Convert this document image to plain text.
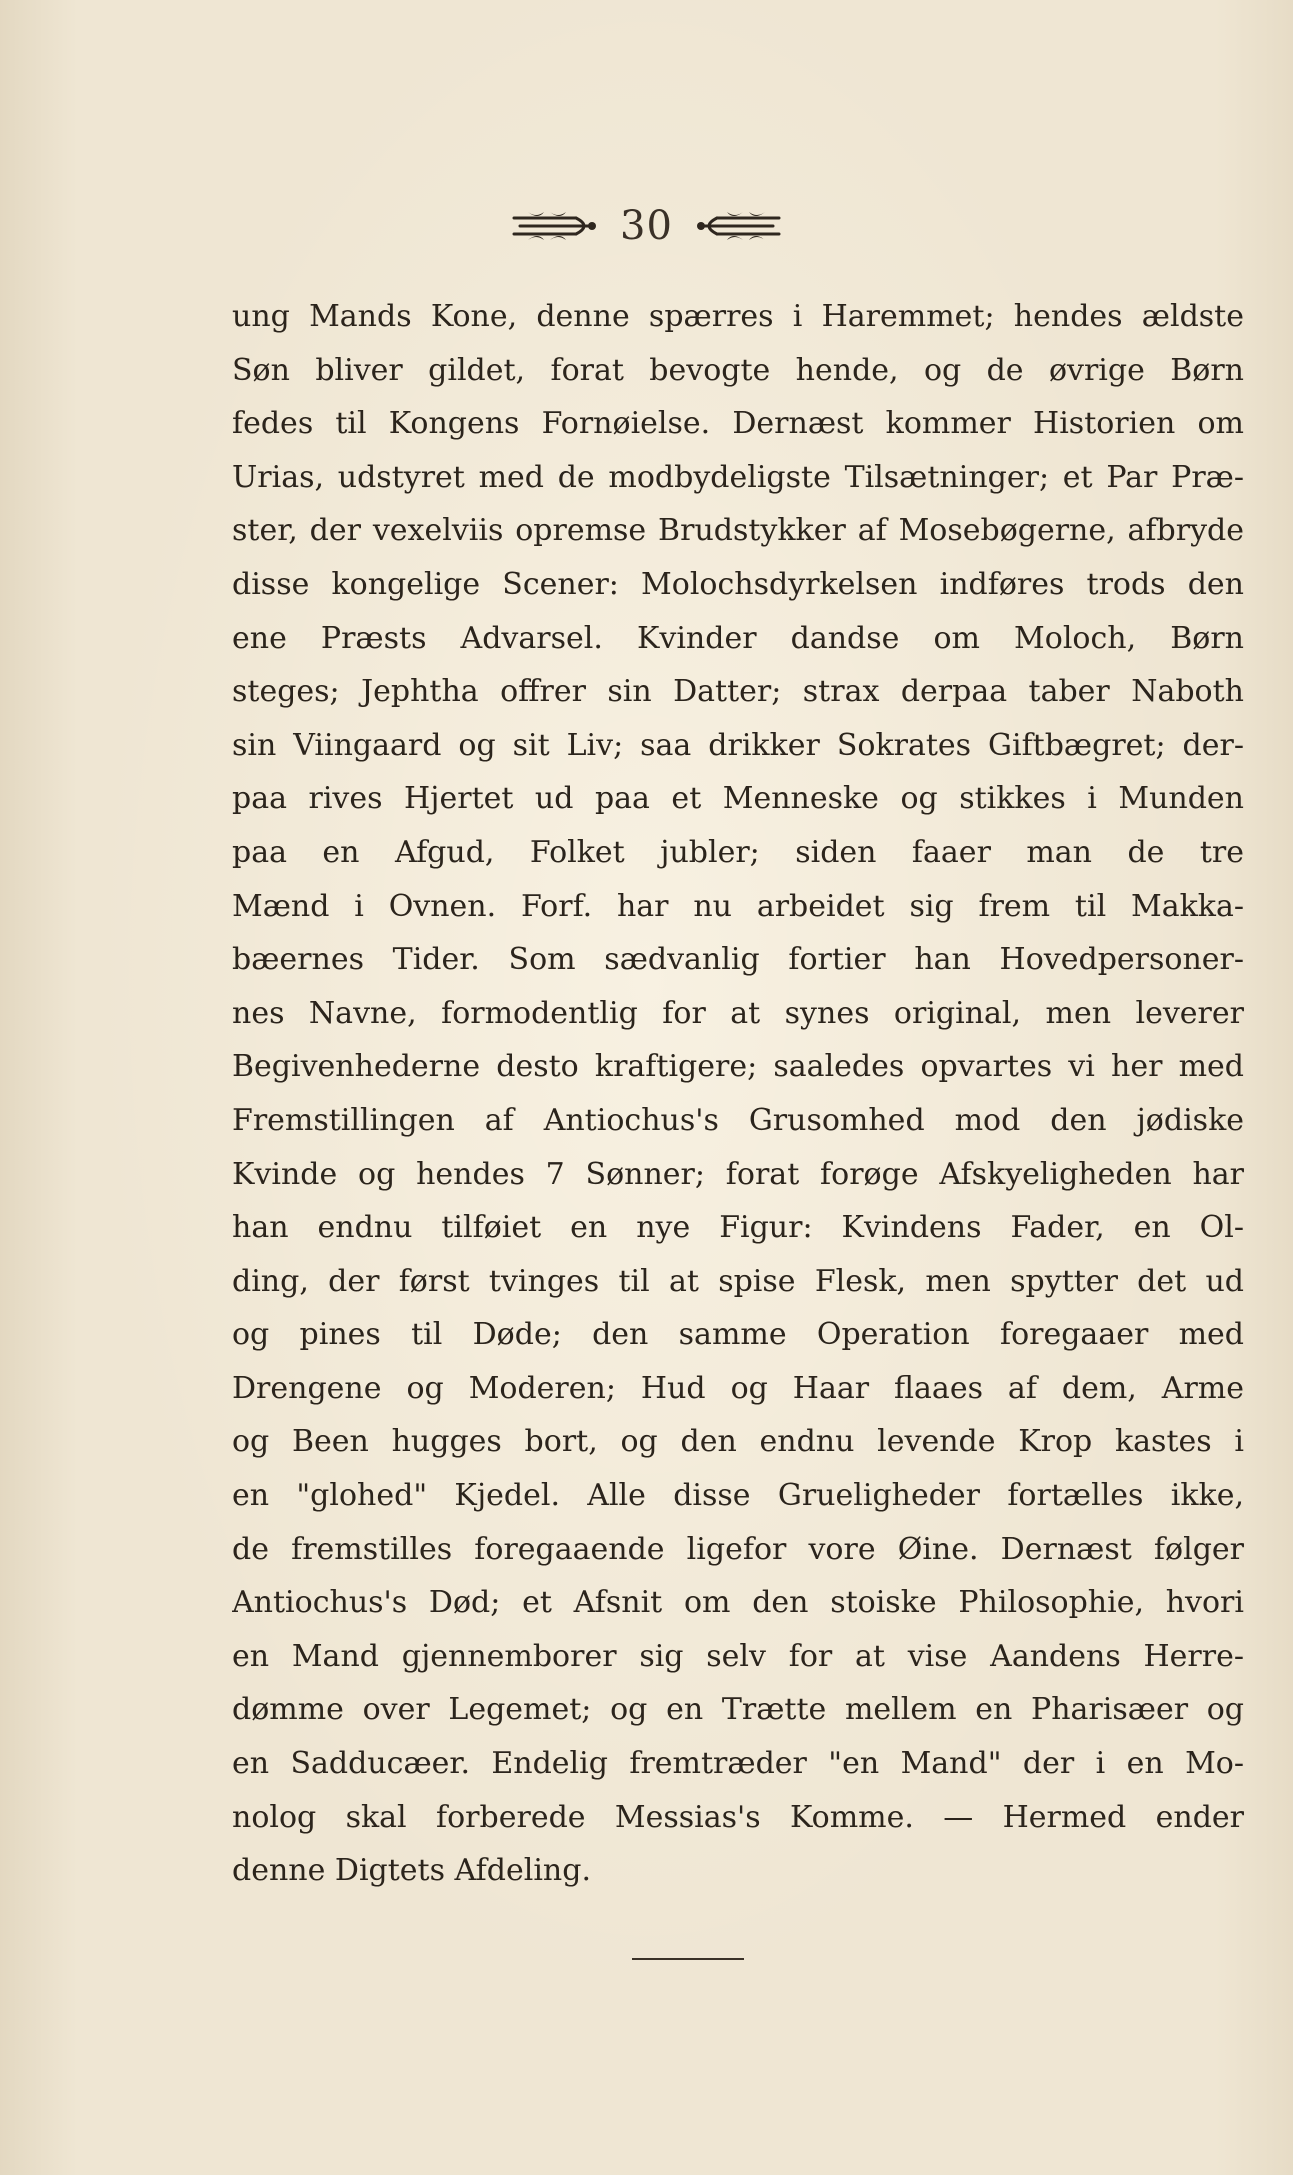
30
ung Mands Kone, denne spærres i Haremmet; hendes ældste
Søn bliver gildet, forat bevogte hende, og de øvrige Børn
fedes til Kongens Fornøielse. Dernæst kommer Historien om
Urias, udstyret med de modbydeligste Tilsætninger; et Par Præ-
ster, der vexelviis opremse Brudstykker af Mosebøgerne, afbryde
disse kongelige Scener: Molochsdyrkelsen indføres trods den
ene Præsts Advarsel. Kvinder dandse om Moloch, Børn
steges; Jephtha offrer sin Datter; strax derpaa taber Naboth
sin Viingaard og sit Liv; saa drikker Sokrates Giftbægret; der-
paa rives Hjertet ud paa et Menneske og stikkes i Munden
paa en Afgud, Folket jubler; siden faaer man de tre
Mænd i Ovnen. Forf. har nu arbeidet sig frem til Makka-
bæernes Tider. Som sædvanlig fortier han Hovedpersoner-
nes Navne, formodentlig for at synes original, men leverer
Begivenhederne desto kraftigere; saaledes opvartes vi her med
Fremstillingen af Antiochus's Grusomhed mod den jødiske
Kvinde og hendes 7 Sønner; forat forøge Afskyeligheden har
han endnu tilføiet en nye Figur: Kvindens Fader, en Ol-
ding, der først tvinges til at spise Flesk, men spytter det ud
og pines til Døde; den samme Operation foregaaer med
Drengene og Moderen; Hud og Haar flaaes af dem, Arme
og Been hugges bort, og den endnu levende Krop kastes i
en "glohed" Kjedel. Alle disse Grueligheder fortælles ikke,
de fremstilles foregaaende ligefor vore Øine. Dernæst følger
Antiochus's Død; et Afsnit om den stoiske Philosophie, hvori
en Mand gjennemborer sig selv for at vise Aandens Herre-
dømme over Legemet; og en Trætte mellem en Pharisæer og
en Sadducæer. Endelig fremtræder "en Mand" der i en Mo-
nolog skal forberede Messias's Komme. — Hermed ender
denne Digtets Afdeling.
